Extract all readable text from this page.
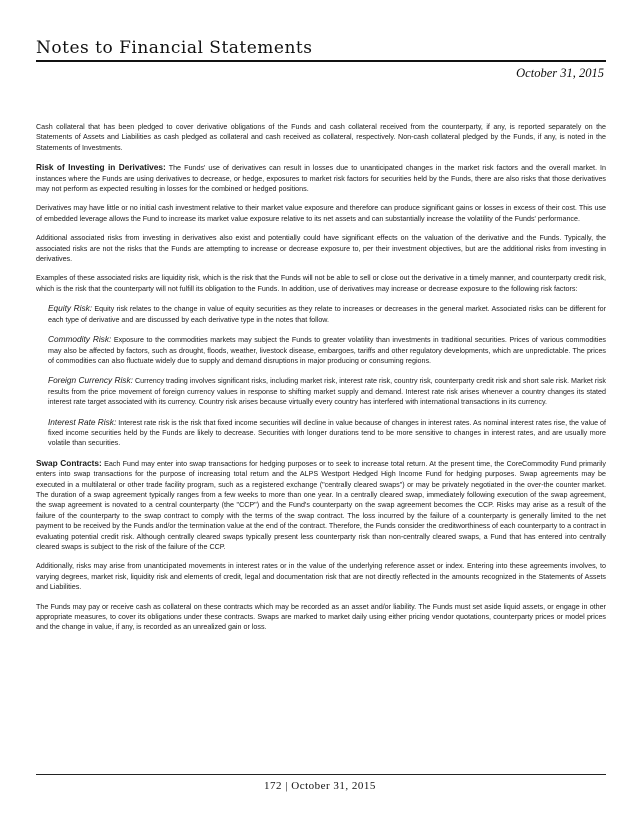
Notes to Financial Statements
October 31, 2015

Cash collateral that has been pledged to cover derivative obligations of the Funds and cash collateral received from the counterparty, if any, is reported separately on the Statements of Assets and Liabilities as cash pledged as collateral and cash received as collateral, respectively. Non-cash collateral pledged by the Funds, if any, is noted in the Statements of Investments.

Risk of Investing in Derivatives: The Funds' use of derivatives can result in losses due to unanticipated changes in the market risk factors and the overall market. In instances where the Funds are using derivatives to decrease, or hedge, exposures to market risk factors for securities held by the Funds, there are also risks that those derivatives may not perform as expected resulting in losses for the combined or hedged positions.

Derivatives may have little or no initial cash investment relative to their market value exposure and therefore can produce significant gains or losses in excess of their cost. This use of embedded leverage allows the Fund to increase its market value exposure relative to its net assets and can substantially increase the volatility of the Funds' performance.

Additional associated risks from investing in derivatives also exist and potentially could have significant effects on the valuation of the derivative and the Funds. Typically, the associated risks are not the risks that the Funds are attempting to increase or decrease exposure to, per their investment objectives, but are the additional risks from investing in derivatives.

Examples of these associated risks are liquidity risk, which is the risk that the Funds will not be able to sell or close out the derivative in a timely manner, and counterparty credit risk, which is the risk that the counterparty will not fulfill its obligation to the Funds. In addition, use of derivatives may increase or decrease exposure to the following risk factors:

Equity Risk: Equity risk relates to the change in value of equity securities as they relate to increases or decreases in the general market. Associated risks can be different for each type of derivative and are discussed by each derivative type in the notes that follow.

Commodity Risk: Exposure to the commodities markets may subject the Funds to greater volatility than investments in traditional securities. Prices of various commodities may also be affected by factors, such as drought, floods, weather, livestock disease, embargoes, tariffs and other regulatory developments, which are unpredictable. The prices of commodities can also fluctuate widely due to supply and demand disruptions in major producing or consuming regions.

Foreign Currency Risk: Currency trading involves significant risks, including market risk, interest rate risk, country risk, counterparty credit risk and short sale risk. Market risk results from the price movement of foreign currency values in response to shifting market supply and demand. Interest rate risk arises whenever a country changes its stated interest rate target associated with its currency. Country risk arises because virtually every country has interfered with international transactions in its currency.

Interest Rate Risk: Interest rate risk is the risk that fixed income securities will decline in value because of changes in interest rates. As nominal interest rates rise, the value of fixed income securities held by the Funds are likely to decrease. Securities with longer durations tend to be more sensitive to changes in interest rates, and are usually more volatile than securities.

Swap Contracts: Each Fund may enter into swap transactions for hedging purposes or to seek to increase total return. At the present time, the CoreCommodity Fund primarily enters into swap transactions for the purpose of increasing total return and the ALPS Westport Hedged High Income Fund for hedging purposes. Swap agreements may be executed in a multilateral or other trade facility program, such as a registered exchange ("centrally cleared swaps") or may be privately negotiated in the over-the counter market. The duration of a swap agreement typically ranges from a few weeks to more than one year. In a centrally cleared swap, immediately following execution of the swap agreement, the swap agreement is novated to a central counterparty (the "CCP") and the Fund's counterparty on the swap agreement becomes the CCP. Risks may arise as a result of the failure of the counterparty to the swap contract to comply with the terms of the swap contract. The loss incurred by the failure of a counterparty is generally limited to the net payment to be received by the Funds and/or the termination value at the end of the contract. Therefore, the Funds consider the creditworthiness of each counterparty to a contract in evaluating potential credit risk. Although centrally cleared swaps typically present less counterparty risk than non-centrally cleared swaps, a Fund that has entered into centrally cleared swaps is subject to the risk of the failure of the CCP.

Additionally, risks may arise from unanticipated movements in interest rates or in the value of the underlying reference asset or index. Entering into these agreements involves, to varying degrees, market risk, liquidity risk and elements of credit, legal and documentation risk that are not directly reflected in the amounts recognized in the Statements of Assets and Liabilities.

The Funds may pay or receive cash as collateral on these contracts which may be recorded as an asset and/or liability. The Funds must set aside liquid assets, or engage in other appropriate measures, to cover its obligations under these contracts. Swaps are marked to market daily using either pricing vendor quotations, counterparty prices or model prices and the change in value, if any, is recorded as an unrealized gain or loss.

172 | October 31, 2015
